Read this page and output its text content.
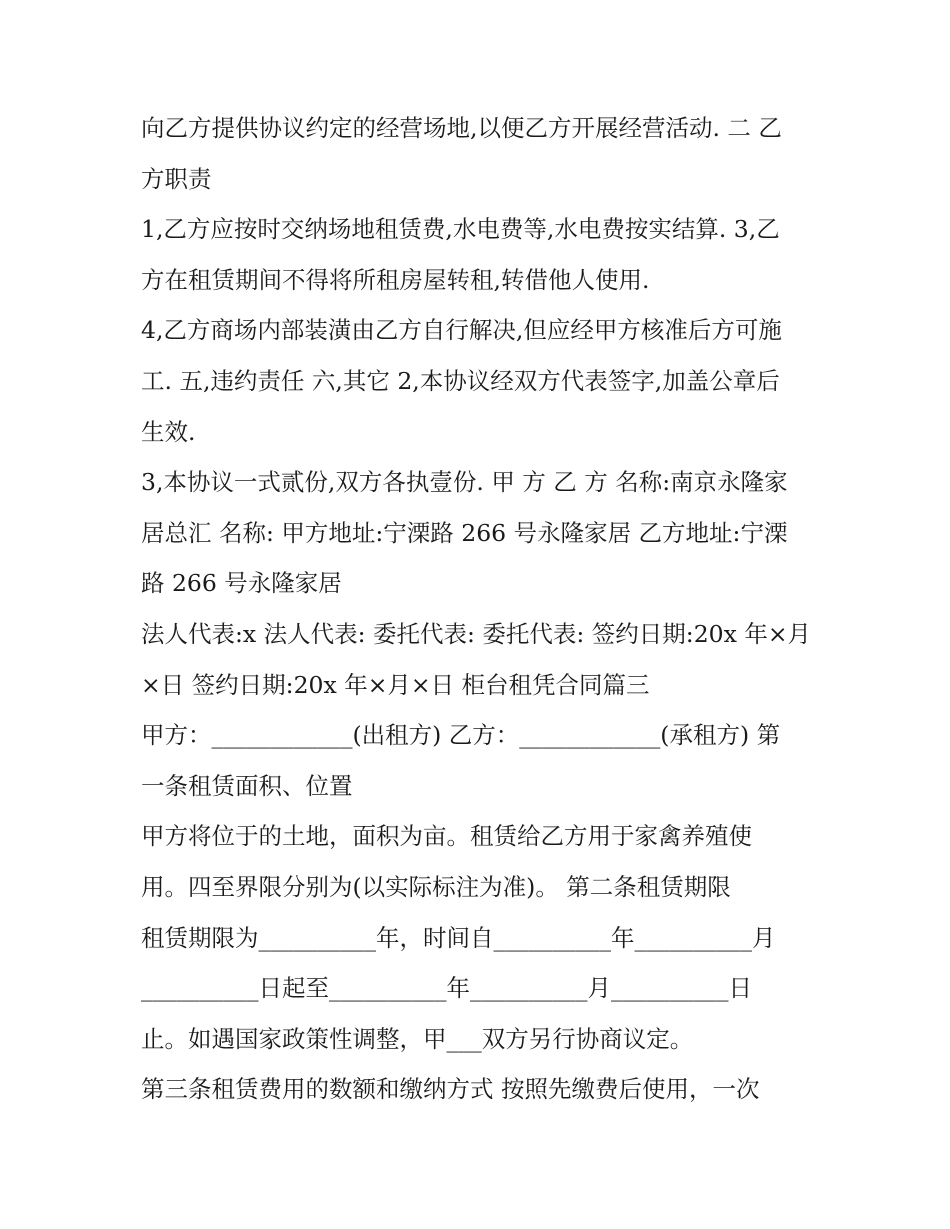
向乙方提供协议约定的经营场地,以便乙方开展经营活动. 二 乙
方职责
1,乙方应按时交纳场地租赁费,水电费等,水电费按实结算. 3,乙
方在租赁期间不得将所租房屋转租,转借他人使用.
4,乙方商场内部装潢由乙方自行解决,但应经甲方核准后方可施
工. 五,违约责任 六,其它 2,本协议经双方代表签字,加盖公章后
生效.
3,本协议一式贰份,双方各执壹份. 甲 方 乙 方 名称:南京永隆家
居总汇 名称: 甲方地址:宁溧路 266 号永隆家居 乙方地址:宁溧
路 266 号永隆家居
法人代表:x 法人代表: 委托代表: 委托代表: 签约日期:20x 年×月
×日 签约日期:20x 年×月×日 柜台租凭合同篇三
甲方：____________(出租方) 乙方：____________(承租方) 第
一条租赁面积、位置
甲方将位于的土地，面积为亩。租赁给乙方用于家禽养殖使
用。四至界限分别为(以实际标注为准)。 第二条租赁期限
租赁期限为__________年，时间自__________年__________月
__________日起至__________年__________月__________日
止。如遇国家政策性调整，甲___双方另行协商议定。
第三条租赁费用的数额和缴纳方式 按照先缴费后使用，一次
